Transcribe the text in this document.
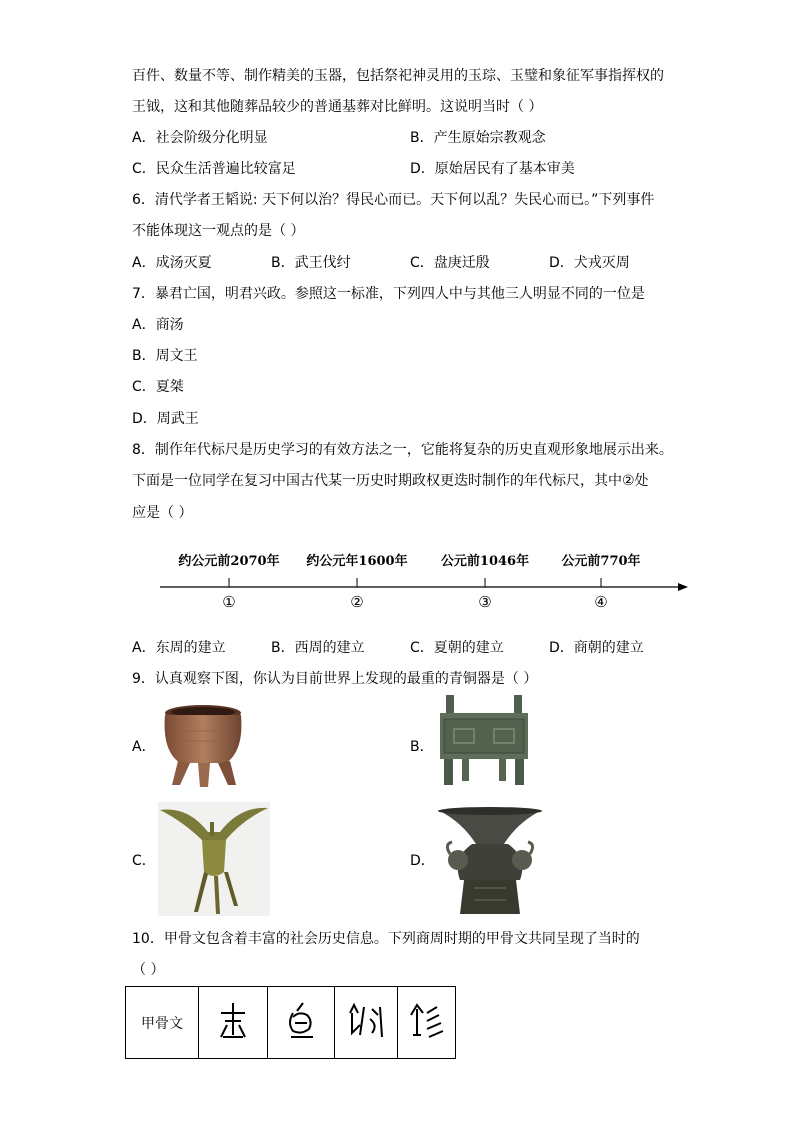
百件、数量不等、制作精美的玉器，包括祭祀神灵用的玉琮、玉璧和象征军事指挥权的
王钺，这和其他随葬品较少的普通基葬对比鲜明。这说明当时（ ）
A．社会阶级分化明显	B．产生原始宗教观念
C．民众生活普遍比较富足	D．原始居民有了基本审美
6．清代学者王韬说: 天下何以治？得民心而已。天下何以乱？失民心而已。”下列事件
不能体现这一观点的是（ ）
A．成汤灭夏	B．武王伐纣	C．盘庚迁殷	D．犬戎灭周
7．暴君亡国，明君兴政。参照这一标准，下列四人中与其他三人明显不同的一位是
A．商汤
B．周文王
C．夏桀
D．周武王
8．制作年代标尺是历史学习的有效方法之一，它能将复杂的历史直观形象地展示出来。
下面是一位同学在复习中国古代某一历史时期政权更迭时制作的年代标尺，其中②处
应是（ ）
约公元前2070年 约公元年1600年	公元前1046年 公元前770年
①	②	③	④
A．东周的建立	B．西周的建立	C．夏朝的建立	D．商朝的建立
9．认真观察下图，你认为目前世界上发现的最重的青铜器是（ ）
A．	B．
C．	D．
10．甲骨文包含着丰富的社会历史信息。下列商周时期的甲骨文共同呈现了当时的
（ ）
甲骨文				
